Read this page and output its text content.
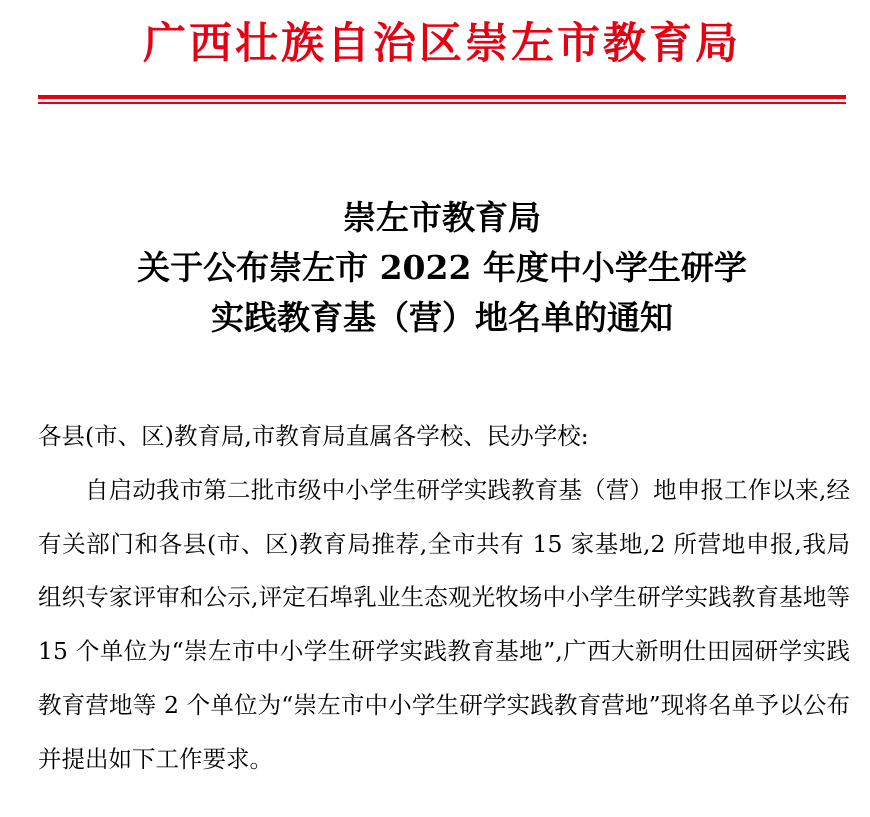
广西壮族自治区崇左市教育局
崇左市教育局
关于公布崇左市 2022 年度中小学生研学
实践教育基（营）地名单的通知
各县(市、区)教育局,市教育局直属各学校、民办学校:
自启动我市第二批市级中小学生研学实践教育基（营）地申报工作以来,经有关部门和各县(市、区)教育局推荐,全市共有 15 家基地,2 所营地申报,我局组织专家评审和公示,评定石埠乳业生态观光牧场中小学生研学实践教育基地等 15 个单位为“崇左市中小学生研学实践教育基地”,广西大新明仕田园研学实践教育营地等 2 个单位为“崇左市中小学生研学实践教育营地”现将名单予以公布并提出如下工作要求。
